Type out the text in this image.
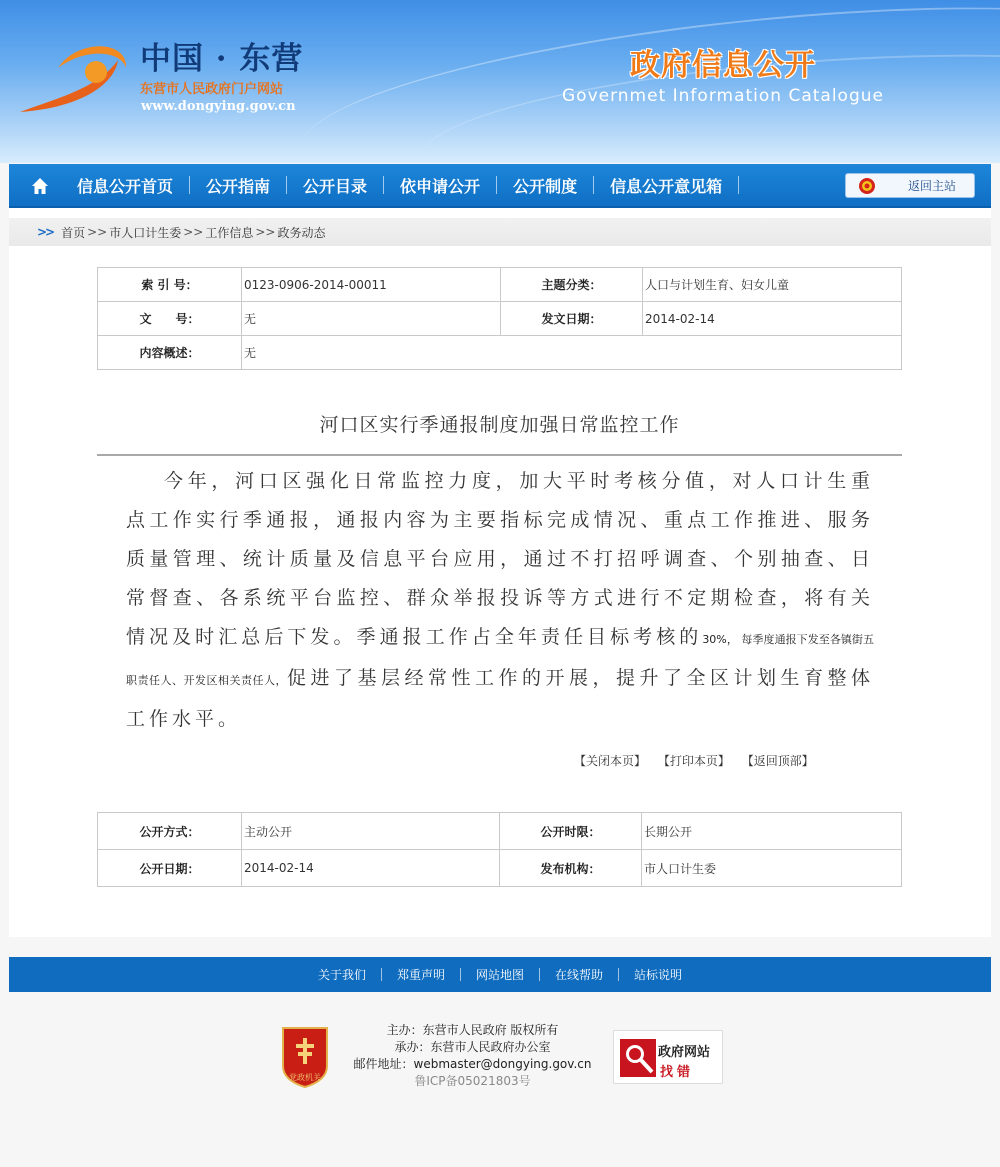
中国 · 东营
东营市人民政府门户网站
www.dongying.gov.cn
政府信息公开
Governmet Information Catalogue
信息公开首页	公开指南	公开目录	依申请公开	公开制度	信息公开意见箱	返回主站
>> 首页 >> 市人口计生委 >> 工作信息 >> 政务动态
索 引 号：	0123-0906-2014-00011	主题分类：	人口与计划生育、妇女儿童
文　　号：	无	发文日期：	2014-02-14
内容概述：	无		
河口区实行季通报制度加强日常监控工作
今年，河口区强化日常监控力度，加大平时考核分值，对人口计生重点工作实行季通报，通报内容为主要指标完成情况、重点工作推进、服务质量管理、统计质量及信息平台应用，通过不打招呼调查、个别抽查、日常督查、各系统平台监控、群众举报投诉等方式进行不定期检查，将有关情况及时汇总后下发。季通报工作占全年责任目标考核的30%， 每季度通报下发至各镇街五职责任人、开发区相关责任人，促进了基层经常性工作的开展，提升了全区计划生育整体工作水平。
【关闭本页】 【打印本页】 【返回顶部】
公开方式：	主动公开	公开时限：	长期公开
公开日期：	2014-02-14	发布机构：	市人口计生委
关于我们	郑重声明	网站地图	在线帮助	站标说明
党政机关
主办：东营市人民政府 版权所有
承办：东营市人民政府办公室
邮件地址：webmaster@dongying.gov.cn
鲁ICP备05021803号
政府网站
找错
